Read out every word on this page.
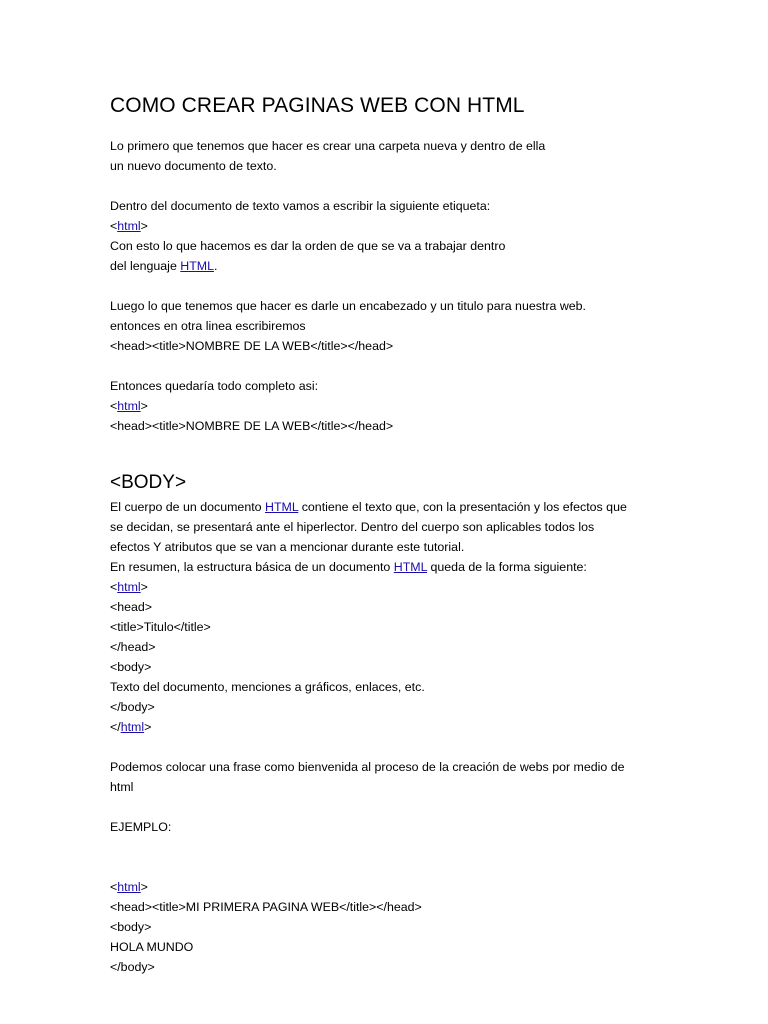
COMO CREAR PAGINAS WEB CON HTML
Lo primero que tenemos que hacer es crear una carpeta nueva y dentro de ella
un nuevo documento de texto.
Dentro del documento de texto vamos a escribir la siguiente etiqueta:
<html>
Con esto lo que hacemos es dar la orden de que se va a trabajar dentro
del lenguaje HTML.
Luego lo que tenemos que hacer es darle un encabezado y un titulo para nuestra web.
entonces en otra linea escribiremos
<head><title>NOMBRE DE LA WEB</title></head>
Entonces quedaría todo completo asi:
<html>
<head><title>NOMBRE DE LA WEB</title></head>
<BODY>
El cuerpo de un documento HTML contiene el texto que, con la presentación y los efectos que
se decidan, se presentará ante el hiperlector. Dentro del cuerpo son aplicables todos los
efectos Y atributos que se van a mencionar durante este tutorial.
En resumen, la estructura básica de un documento HTML queda de la forma siguiente:
<html>
<head>
<title>Titulo</title>
</head>
<body>
Texto del documento, menciones a gráficos, enlaces, etc.
</body>
</html>
Podemos colocar una frase como bienvenida al proceso de la creación de webs por medio de
html
EJEMPLO:
<html>
<head><title>MI PRIMERA PAGINA WEB</title></head>
<body>
HOLA MUNDO
</body>
